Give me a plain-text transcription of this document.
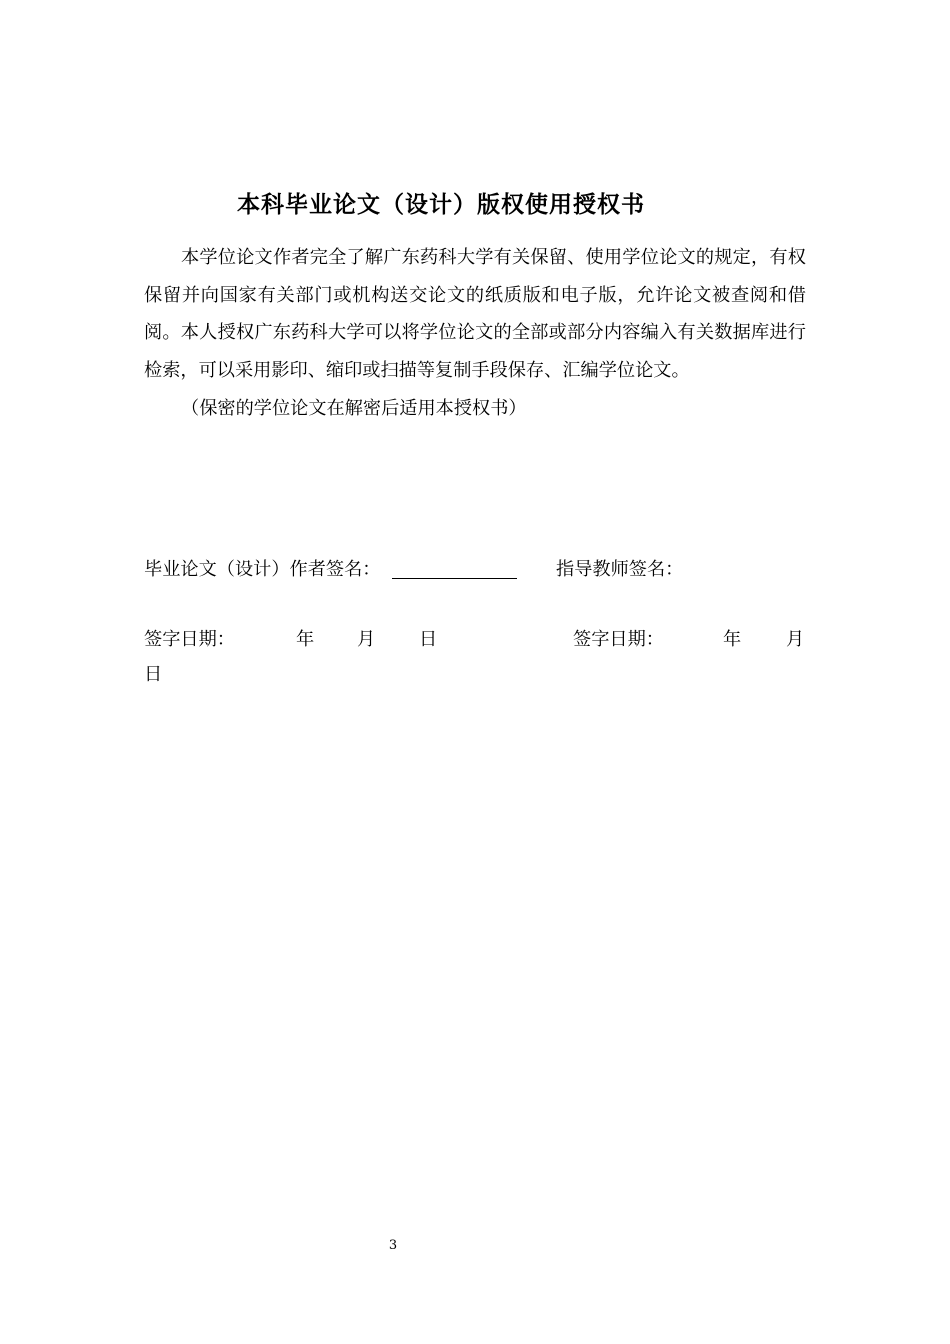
本科毕业论文（设计）版权使用授权书
本学位论文作者完全了解广东药科大学有关保留、使用学位论文的规定，有权保留并向国家有关部门或机构送交论文的纸质版和电子版，允许论文被查阅和借阅。本人授权广东药科大学可以将学位论文的全部或部分内容编入有关数据库进行检索，可以采用影印、缩印或扫描等复制手段保存、汇编学位论文。
（保密的学位论文在解密后适用本授权书）
毕业论文（设计）作者签名：	指导教师签名：
签字日期：	年 月 日	签字日期：	年 月
日
3
